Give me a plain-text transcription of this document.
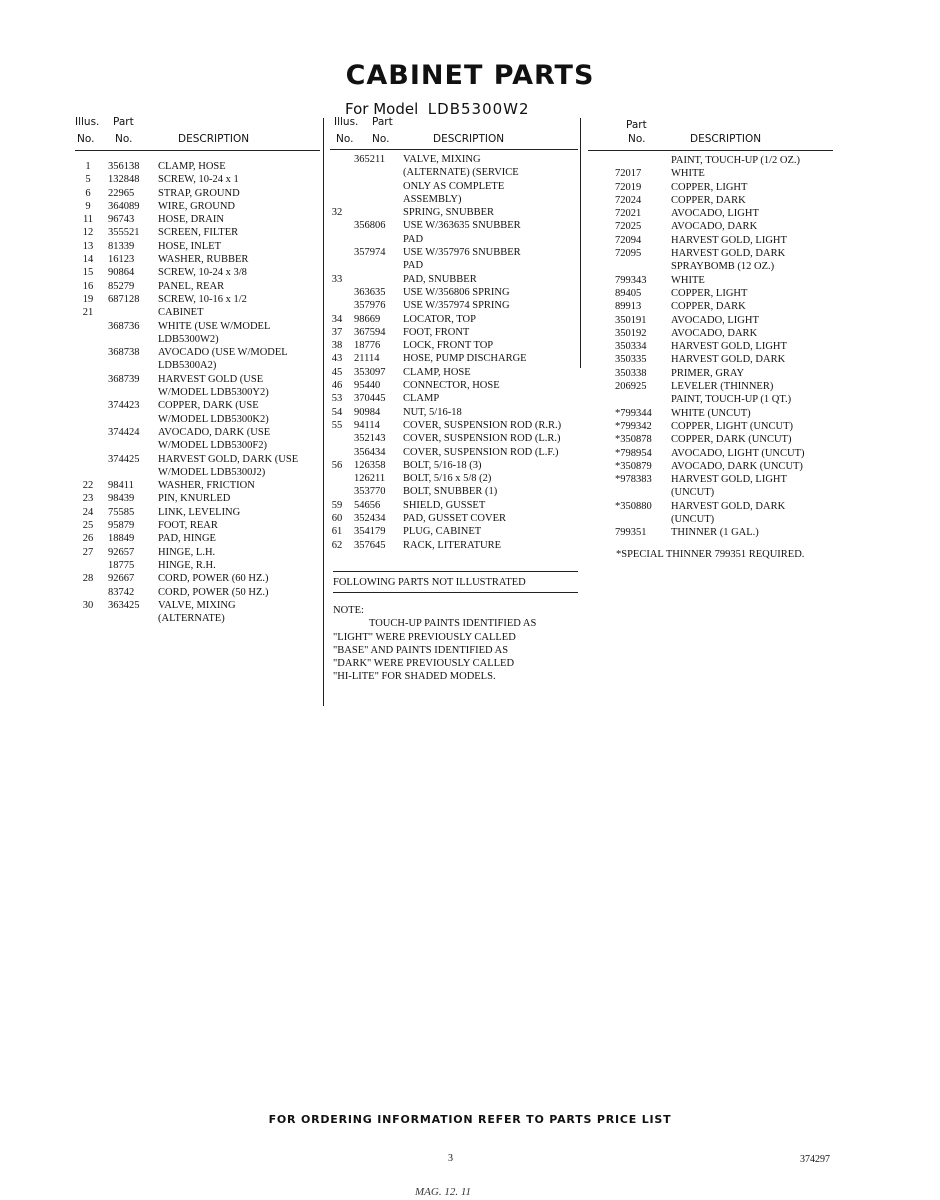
CABINET PARTS
For Model LDB5300W2
Illus. Part
No. No.	DESCRIPTION
1	356138 CLAMP, HOSE
5	132848 SCREW, 10-24 x 1
6	22965 STRAP, GROUND
9	364089 WIRE, GROUND
11	96743 HOSE, DRAIN
12	355521 SCREEN, FILTER
13	81339 HOSE, INLET
14	16123 WASHER, RUBBER
15	90864 SCREW, 10-24 x 3/8
16	85279 PANEL, REAR
19	687128 SCREW, 10-16 x 1/2
21	CABINET
368736 WHITE (USE W/MODEL
LDB5300W2)
368738 AVOCADO (USE W/MODEL
LDB5300A2)
368739 HARVEST GOLD (USE
W/MODEL LDB5300Y2)
374423 COPPER, DARK (USE
W/MODEL LDB5300K2)
374424 AVOCADO, DARK (USE
W/MODEL LDB5300F2)
374425 HARVEST GOLD, DARK (USE
W/MODEL LDB5300J2)
22	98411 WASHER, FRICTION
23	98439 PIN, KNURLED
24	75585 LINK, LEVELING
25	95879 FOOT, REAR
26	18849 PAD, HINGE
27	92657 HINGE, L.H.
18775 HINGE, R.H.
28	92667 CORD, POWER (60 HZ.)
83742 CORD, POWER (50 HZ.)
30	363425 VALVE, MIXING
(ALTERNATE)
Illus. Part
No. No.	DESCRIPTION
365211 VALVE, MIXING
(ALTERNATE) (SERVICE
ONLY AS COMPLETE
ASSEMBLY)
32	SPRING, SNUBBER
356806 USE W/363635 SNUBBER
PAD
357974 USE W/357976 SNUBBER
PAD
33	PAD, SNUBBER
363635 USE W/356806 SPRING
357976 USE W/357974 SPRING
34	98669 LOCATOR, TOP
37	367594 FOOT, FRONT
38	18776 LOCK, FRONT TOP
43	21114 HOSE, PUMP DISCHARGE
45	353097 CLAMP, HOSE
46	95440 CONNECTOR, HOSE
53	370445 CLAMP
54	90984 NUT, 5/16-18
55	94114 COVER, SUSPENSION ROD (R.R.)
352143 COVER, SUSPENSION ROD (L.R.)
356434 COVER, SUSPENSION ROD (L.F.)
56	126358 BOLT, 5/16-18 (3)
126211 BOLT, 5/16 x 5/8 (2)
353770 BOLT, SNUBBER (1)
59	54656 SHIELD, GUSSET
60	352434 PAD, GUSSET COVER
61	354179 PLUG, CABINET
62	357645 RACK, LITERATURE
Part
No.	DESCRIPTION
PAINT, TOUCH-UP (1/2 OZ.)
72017	WHITE
72019	COPPER, LIGHT
72024	COPPER, DARK
72021	AVOCADO, LIGHT
72025	AVOCADO, DARK
72094	HARVEST GOLD, LIGHT
72095	HARVEST GOLD, DARK
SPRAYBOMB (12 OZ.)
799343 WHITE
89405	COPPER, LIGHT
89913	COPPER, DARK
350191 AVOCADO, LIGHT
350192 AVOCADO, DARK
350334 HARVEST GOLD, LIGHT
350335 HARVEST GOLD, DARK
350338 PRIMER, GRAY
206925 LEVELER (THINNER)
PAINT, TOUCH-UP (1 QT.)
*799344 WHITE (UNCUT)
*799342 COPPER, LIGHT (UNCUT)
*350878 COPPER, DARK (UNCUT)
*798954 AVOCADO, LIGHT (UNCUT)
*350879 AVOCADO, DARK (UNCUT)
*978383 HARVEST GOLD, LIGHT
(UNCUT)
*350880 HARVEST GOLD, DARK
(UNCUT)
799351 THINNER (1 GAL.)
*SPECIAL THINNER 799351 REQUIRED.
FOLLOWING PARTS NOT ILLUSTRATED
NOTE:
TOUCH-UP PAINTS IDENTIFIED AS
"LIGHT" WERE PREVIOUSLY CALLED
"BASE" AND PAINTS IDENTIFIED AS
"DARK" WERE PREVIOUSLY CALLED
"HI-LITE" FOR SHADED MODELS.
FOR ORDERING INFORMATION REFER TO PARTS PRICE LIST
3	374297
MAG. 12. 11
